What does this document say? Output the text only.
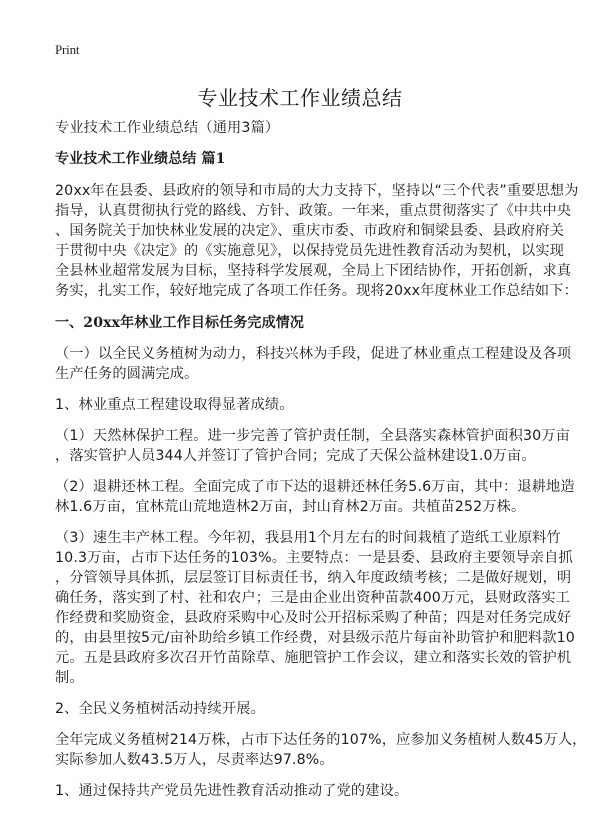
Print
专业技术工作业绩总结
专业技术工作业绩总结（通用3篇）
专业技术工作业绩总结 篇1
20xx年在县委、县政府的领导和市局的大力支持下，坚持以“三个代表”重要思想为
指导，认真贯彻执行党的路线、方针、政策。一年来，重点贯彻落实了《中共中央
、国务院关于加快林业发展的决定》、重庆市委、市政府和铜梁县委、县政府府关
于贯彻中央《决定》的《实施意见》，以保持党员先进性教育活动为契机，以实现
全县林业超常发展为目标，坚持科学发展观，全局上下团结协作，开拓创新，求真
务实，扎实工作，较好地完成了各项工作任务。现将20xx年度林业工作总结如下：
一、20xx年林业工作目标任务完成情况
（一）以全民义务植树为动力，科技兴林为手段，促进了林业重点工程建设及各项
生产任务的圆满完成。
1、林业重点工程建设取得显著成绩。
（1）天然林保护工程。进一步完善了管护责任制，全县落实森林管护面积30万亩
，落实管护人员344人并签订了管护合同；完成了天保公益林建设1.0万亩。
（2）退耕还林工程。全面完成了市下达的退耕还林任务5.6万亩，其中：退耕地造
林1.6万亩，宜林荒山荒地造林2万亩，封山育林2万亩。共植苗252万株。
（3）速生丰产林工程。今年初，我县用1个月左右的时间栽植了造纸工业原料竹
10.3万亩，占市下达任务的103%。主要特点：一是县委、县政府主要领导亲自抓
，分管领导具体抓，层层签订目标责任书，纳入年度政绩考核；二是做好规划，明
确任务，落实到了村、社和农户；三是由企业出资种苗款400万元，县财政落实工
作经费和奖励资金，县政府采购中心及时公开招标采购了种苗；四是对任务完成好
的，由县里按5元/亩补助给乡镇工作经费，对县级示范片每亩补助管护和肥料款10
元。五是县政府多次召开竹苗除草、施肥管护工作会议，建立和落实长效的管护机
制。
2、全民义务植树活动持续开展。
全年完成义务植树214万株，占市下达任务的107%，应参加义务植树人数45万人，
实际参加人数43.5万人，尽责率达97.8%。
1、通过保持共产党员先进性教育活动推动了党的建设。
